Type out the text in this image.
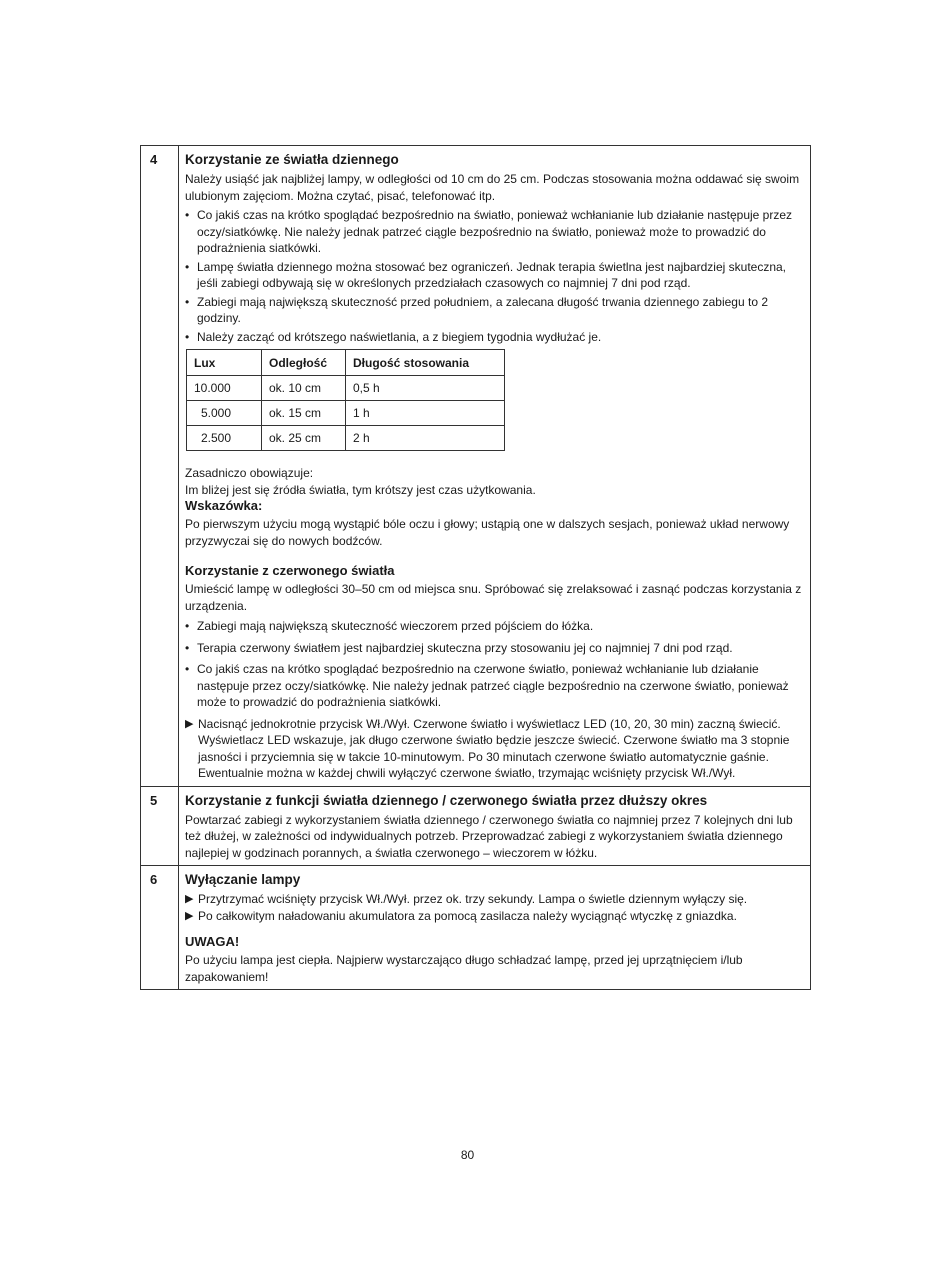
4	Korzystanie ze światła dziennego

Należy usiąść jak najbliżej lampy, w odległości od 10 cm do 25 cm. Podczas stosowania można oddawać się swoim ulubionym zajęciom. Można czytać, pisać, telefonować itp.

• Co jakiś czas na krótko spoglądać bezpośrednio na światło, ponieważ wchłanianie lub działanie następuje przez oczy/siatkówkę. Nie należy jednak patrzeć ciągle bezpośrednio na światło, ponieważ może to prowadzić do podrażnienia siatkówki.
• Lampę światła dziennego można stosować bez ograniczeń. Jednak terapia świetlna jest najbardziej skuteczna, jeśli zabiegi odbywają się w określonych przedziałach czasowych co najmniej 7 dni pod rząd.
• Zabiegi mają największą skuteczność przed południem, a zalecana długość trwania dziennego zabiegu to 2 godziny.
• Należy zacząć od krótszego naświetlania, a z biegiem tygodnia wydłużać je.
Lux	Odległość	Długość stosowania
10.000	ok. 10 cm	0,5 h
5.000	ok. 15 cm	1 h
2.500	ok. 25 cm	2 h

Zasadniczo obowiązuje:

Im bliżej jest się źródła światła, tym krótszy jest czas użytkowania.

Wskazówka:

Po pierwszym użyciu mogą wystąpić bóle oczu i głowy; ustąpią one w dalszych sesjach, ponieważ układ nerwowy przyzwyczai się do nowych bodźców.

Korzystanie z czerwonego światła

Umieścić lampę w odległości 30–50 cm od miejsca snu. Spróbować się zrelaksować i zasnąć podczas korzystania z urządzenia.

• Zabiegi mają największą skuteczność wieczorem przed pójściem do łóżka.
• Terapia czerwony światłem jest najbardziej skuteczna przy stosowaniu jej co najmniej 7 dni pod rząd.
• Co jakiś czas na krótko spoglądać bezpośrednio na czerwone światło, ponieważ wchłanianie lub działanie następuje przez oczy/siatkówkę. Nie należy jednak patrzeć ciągle bezpośrednio na czerwone światło, ponieważ może to prowadzić do podrażnienia siatkówki.
▶ Nacisnąć jednokrotnie przycisk Wł./Wył. Czerwone światło i wyświetlacz LED (10, 20, 30 min) zaczną świecić. Wyświetlacz LED wskazuje, jak długo czerwone światło będzie jeszcze świecić. Czerwone światło ma 3 stopnie jasności i przyciemnia się w takcie 10-minutowym. Po 30 minutach czerwone światło automatycznie gaśnie. Ewentualnie można w każdej chwili wyłączyć czerwone światło, trzymając wciśnięty przycisk Wł./Wył.

5	Korzystanie z funkcji światła dziennego / czerwonego światła przez dłuższy okres

Powtarzać zabiegi z wykorzystaniem światła dziennego / czerwonego światła co najmniej przez 7 kolejnych dni lub też dłużej, w zależności od indywidualnych potrzeb. Przeprowadzać zabiegi z wykorzystaniem światła dziennego najlepiej w godzinach porannych, a światła czerwonego – wieczorem w łóżku.

6	Wyłączanie lampy
▶ Przytrzymać wciśnięty przycisk Wł./Wył. przez ok. trzy sekundy. Lampa o świetle dziennym wyłączy się.
▶ Po całkowitym naładowaniu akumulatora za pomocą zasilacza należy wyciągnąć wtyczkę z gniazdka.
UWAGA!

Po użyciu lampa jest ciepła. Najpierw wystarczająco długo schładzać lampę, przed jej uprzątnięciem i/lub zapakowaniem!

80
